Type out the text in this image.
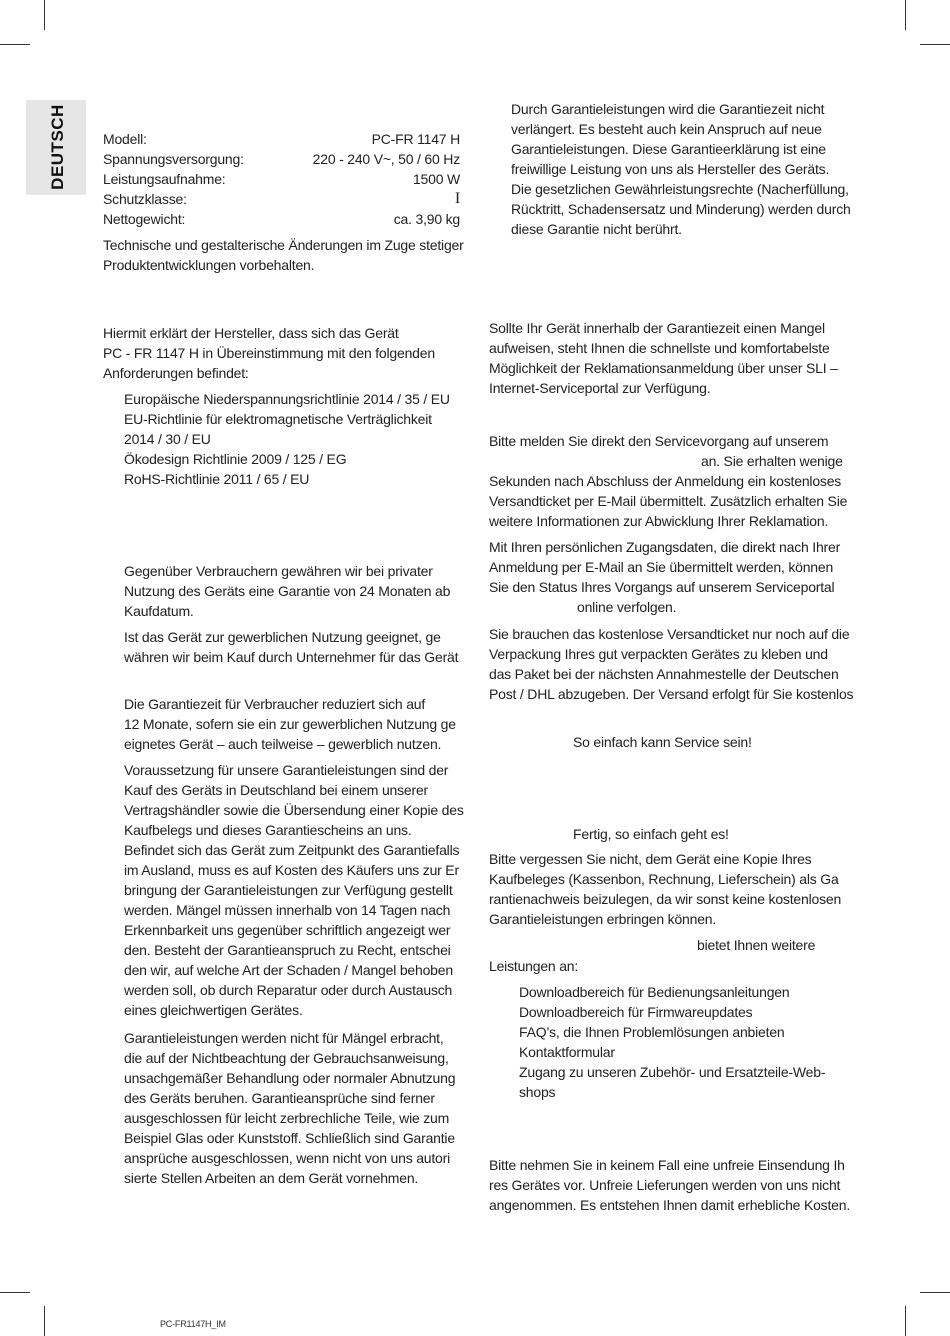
DEUTSCH	Modell:	PC-FR 1147 H
Spannungsversorgung:	220 - 240 V~, 50 / 60 Hz
Leistungsaufnahme:	1500 W
Schutzklasse:	I
Nettogewicht:	ca. 3,90 kg
Technische und gestalterische Änderungen im Zuge stetiger
Produktentwicklungen vorbehalten.
Hiermit erklärt der Hersteller, dass sich das Gerät
PC - FR 1147 H in Übereinstimmung mit den folgenden
Anforderungen befindet:
Europäische Niederspannungsrichtlinie 2014 / 35 / EU
EU-Richtlinie für elektromagnetische Verträglichkeit
2014 / 30 / EU
Ökodesign Richtlinie 2009 / 125 / EG
RoHS-Richtlinie 2011 / 65 / EU
Gegenüber Verbrauchern gewähren wir bei privater
Nutzung des Geräts eine Garantie von 24 Monaten ab
Kaufdatum.
Ist das Gerät zur gewerblichen Nutzung geeignet, ge
währen wir beim Kauf durch Unternehmer für das Gerät
Die Garantiezeit für Verbraucher reduziert sich auf
12 Monate, sofern sie ein zur gewerblichen Nutzung ge
eignetes Gerät – auch teilweise – gewerblich nutzen.
Voraussetzung für unsere Garantieleistungen sind der
Kauf des Geräts in Deutschland bei einem unserer
Vertragshändler sowie die Übersendung einer Kopie des
Kaufbelegs und dieses Garantiescheins an uns.
Befindet sich das Gerät zum Zeitpunkt des Garantiefalls
im Ausland, muss es auf Kosten des Käufers uns zur Er
bringung der Garantieleistungen zur Verfügung gestellt
werden. Mängel müssen innerhalb von 14 Tagen nach
Erkennbarkeit uns gegenüber schriftlich angezeigt wer
den. Besteht der Garantieanspruch zu Recht, entschei
den wir, auf welche Art der Schaden / Mangel behoben
werden soll, ob durch Reparatur oder durch Austausch
eines gleichwertigen Gerätes.
Garantieleistungen werden nicht für Mängel erbracht,
die auf der Nichtbeachtung der Gebrauchsanweisung,
unsachgemäßer Behandlung oder normaler Abnutzung
des Geräts beruhen. Garantieansprüche sind ferner
ausgeschlossen für leicht zerbrechliche Teile, wie zum
Beispiel Glas oder Kunststoff. Schließlich sind Garantie
ansprüche ausgeschlossen, wenn nicht von uns autori
sierte Stellen Arbeiten an dem Gerät vornehmen.
Durch Garantieleistungen wird die Garantiezeit nicht
verlängert. Es besteht auch kein Anspruch auf neue
Garantieleistungen. Diese Garantieerklärung ist eine
freiwillige Leistung von uns als Hersteller des Geräts.
Die gesetzlichen Gewährleistungsrechte (Nacherfüllung,
Rücktritt, Schadensersatz und Minderung) werden durch
diese Garantie nicht berührt.
Sollte Ihr Gerät innerhalb der Garantiezeit einen Mangel
aufweisen, steht Ihnen die schnellste und komfortabelste
Möglichkeit der Reklamationsanmeldung über unser SLI –
Internet-Serviceportal zur Verfügung.
Bitte melden Sie direkt den Servicevorgang auf unserem
an. Sie erhalten wenige
Sekunden nach Abschluss der Anmeldung ein kostenloses
Versandticket per E-Mail übermittelt. Zusätzlich erhalten Sie
weitere Informationen zur Abwicklung Ihrer Reklamation.
Mit Ihren persönlichen Zugangsdaten, die direkt nach Ihrer
Anmeldung per E-Mail an Sie übermittelt werden, können
Sie den Status Ihres Vorgangs auf unserem Serviceportal
online verfolgen.
Sie brauchen das kostenlose Versandticket nur noch auf die
Verpackung Ihres gut verpackten Gerätes zu kleben und
das Paket bei der nächsten Annahmestelle der Deutschen
Post / DHL abzugeben. Der Versand erfolgt für Sie kostenlos
So einfach kann Service sein!
Fertig, so einfach geht es!
Bitte vergessen Sie nicht, dem Gerät eine Kopie Ihres
Kaufbeleges (Kassenbon, Rechnung, Lieferschein) als Ga
rantienachweis beizulegen, da wir sonst keine kostenlosen
Garantieleistungen erbringen können.
bietet Ihnen weitere
Leistungen an:
Downloadbereich für Bedienungsanleitungen
Downloadbereich für Firmwareupdates
FAQ’s, die Ihnen Problemlösungen anbieten
Kontaktformular
Zugang zu unseren Zubehör- und Ersatzteile-Web-
shops
Bitte nehmen Sie in keinem Fall eine unfreie Einsendung Ih
res Gerätes vor. Unfreie Lieferungen werden von uns nicht
angenommen. Es entstehen Ihnen damit erhebliche Kosten.
PC-FR1147H_IM
